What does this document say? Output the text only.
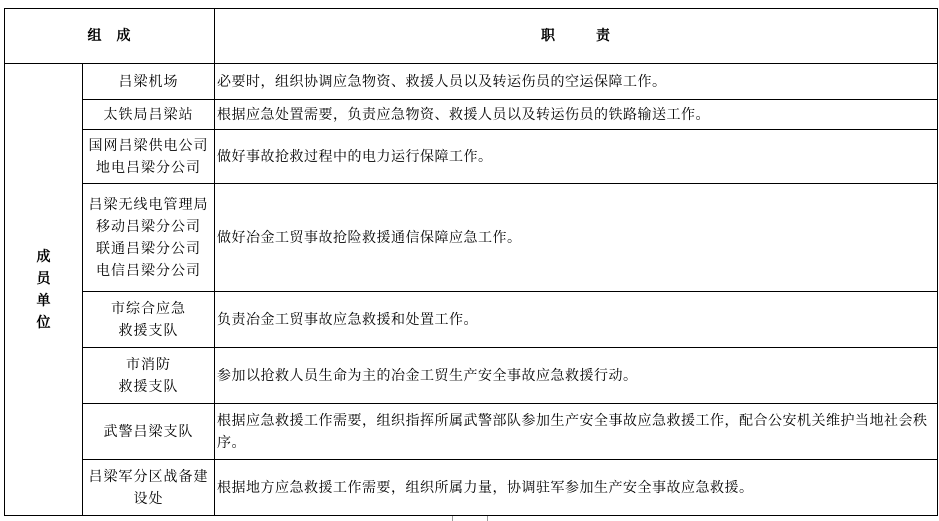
组 成		职 责

成
员
单
位	吕梁机场	必要时，组织协调应急物资、救援人员以及转运伤员的空运保障工作。

	太铁局吕梁站	根据应急处置需要，负责应急物资、救援人员以及转运伤员的铁路输送工作。

	国网吕梁供电公司
地电吕梁分公司	做好事故抢救过程中的电力运行保障工作。

	吕梁无线电管理局
移动吕梁分公司
联通吕梁分公司
电信吕梁分公司	做好冶金工贸事故抢险救援通信保障应急工作。

	市综合应急
救援支队	负责冶金工贸事故应急救援和处置工作。

	市消防
救援支队	参加以抢救人员生命为主的冶金工贸生产安全事故应急救援行动。

	武警吕梁支队	根据应急救援工作需要，组织指挥所属武警部队参加生产安全事故应急救援工作，配合公安机关维护当地社会秩序。

	吕梁军分区战备建
设处	根据地方应急救援工作需要，组织所属力量，协调驻军参加生产安全事故应急救援。
